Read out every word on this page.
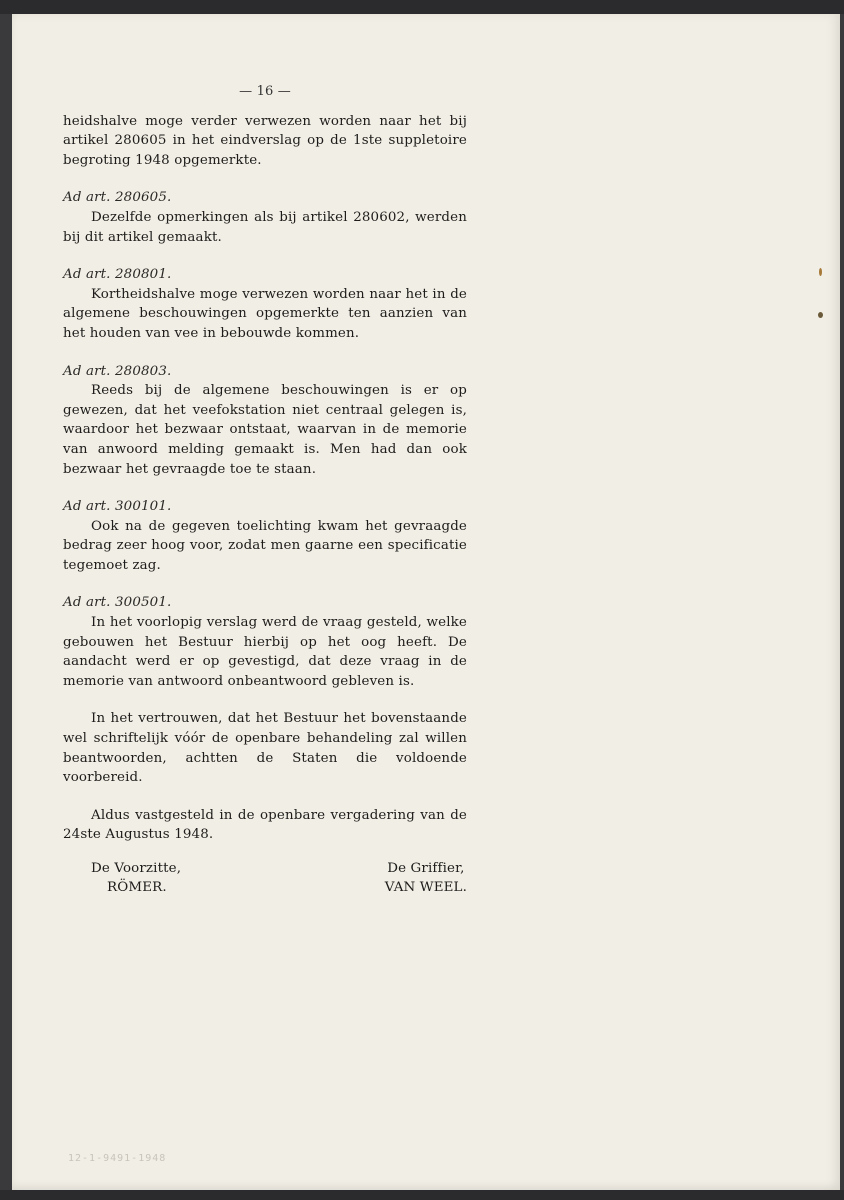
— 16 —

heidshalve moge verder verwezen worden naar het bij artikel 280605 in het eindverslag op de 1ste suppletoire begroting 1948 opgemerkte.

Ad art. 280605.
Dezelfde opmerkingen als bij artikel 280602, werden bij dit artikel gemaakt.
Ad art. 280801.
Kortheidshalve moge verwezen worden naar het in de algemene beschouwingen opgemerkte ten aanzien van het houden van vee in bebouwde kommen.
Ad art. 280803.
Reeds bij de algemene beschouwingen is er op gewezen, dat het veefokstation niet centraal gelegen is, waardoor het bezwaar ontstaat, waarvan in de memorie van anwoord melding gemaakt is. Men had dan ook bezwaar het gevraagde toe te staan.
Ad art. 300101.
Ook na de gegeven toelichting kwam het gevraagde bedrag zeer hoog voor, zodat men gaarne een specificatie tegemoet zag.
Ad art. 300501.
In het voorlopig verslag werd de vraag gesteld, welke gebouwen het Bestuur hierbij op het oog heeft. De aandacht werd er op gevestigd, dat deze vraag in de memorie van antwoord onbeantwoord gebleven is.
In het vertrouwen, dat het Bestuur het bovenstaande wel schriftelijk vóór de openbare behandeling zal willen beantwoorden, achtten de Staten die voldoende voorbereid.
Aldus vastgesteld in de openbare vergadering van de 24ste Augustus 1948.
De Voorzitte,
RÖMER.
De Griffier,
VAN WEEL.
12-1-9491-1948
